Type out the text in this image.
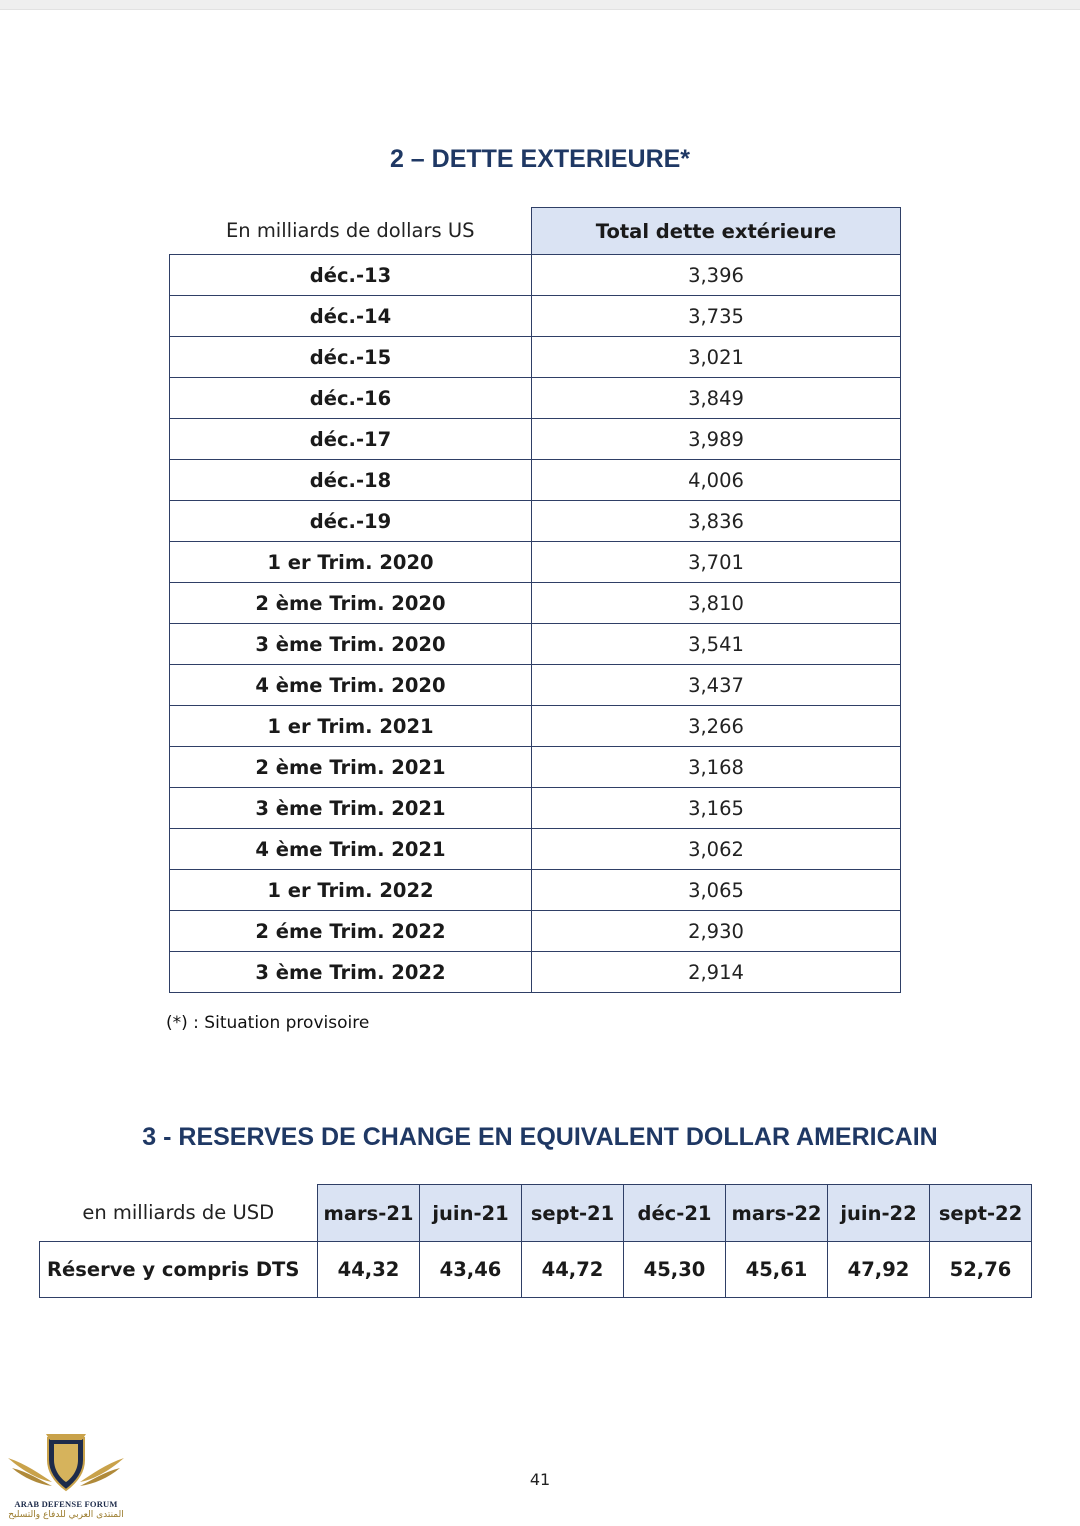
2 – DETTE EXTERIEURE*
En milliards de dollars US	Total dette extérieure
déc.-13	3,396
déc.-14	3,735
déc.-15	3,021
déc.-16	3,849
déc.-17	3,989
déc.-18	4,006
déc.-19	3,836
1 er Trim. 2020	3,701
2 ème Trim. 2020	3,810
3 ème Trim. 2020	3,541
4 ème Trim. 2020	3,437
1 er Trim. 2021	3,266
2 ème Trim. 2021	3,168
3 ème Trim. 2021	3,165
4 ème Trim. 2021	3,062
1 er Trim. 2022	3,065
2 éme Trim. 2022	2,930
3 ème Trim. 2022	2,914
(*) : Situation provisoire
3 - RESERVES DE CHANGE EN EQUIVALENT DOLLAR AMERICAIN
en milliards de USD	mars-21	juin-21	sept-21	déc-21	mars-22	juin-22	sept-22
Réserve y compris DTS	44,32	43,46	44,72	45,30	45,61	47,92	52,76
41
ARAB DEFENSE FORUM
المنتدى العربي للدفاع والتسليح
